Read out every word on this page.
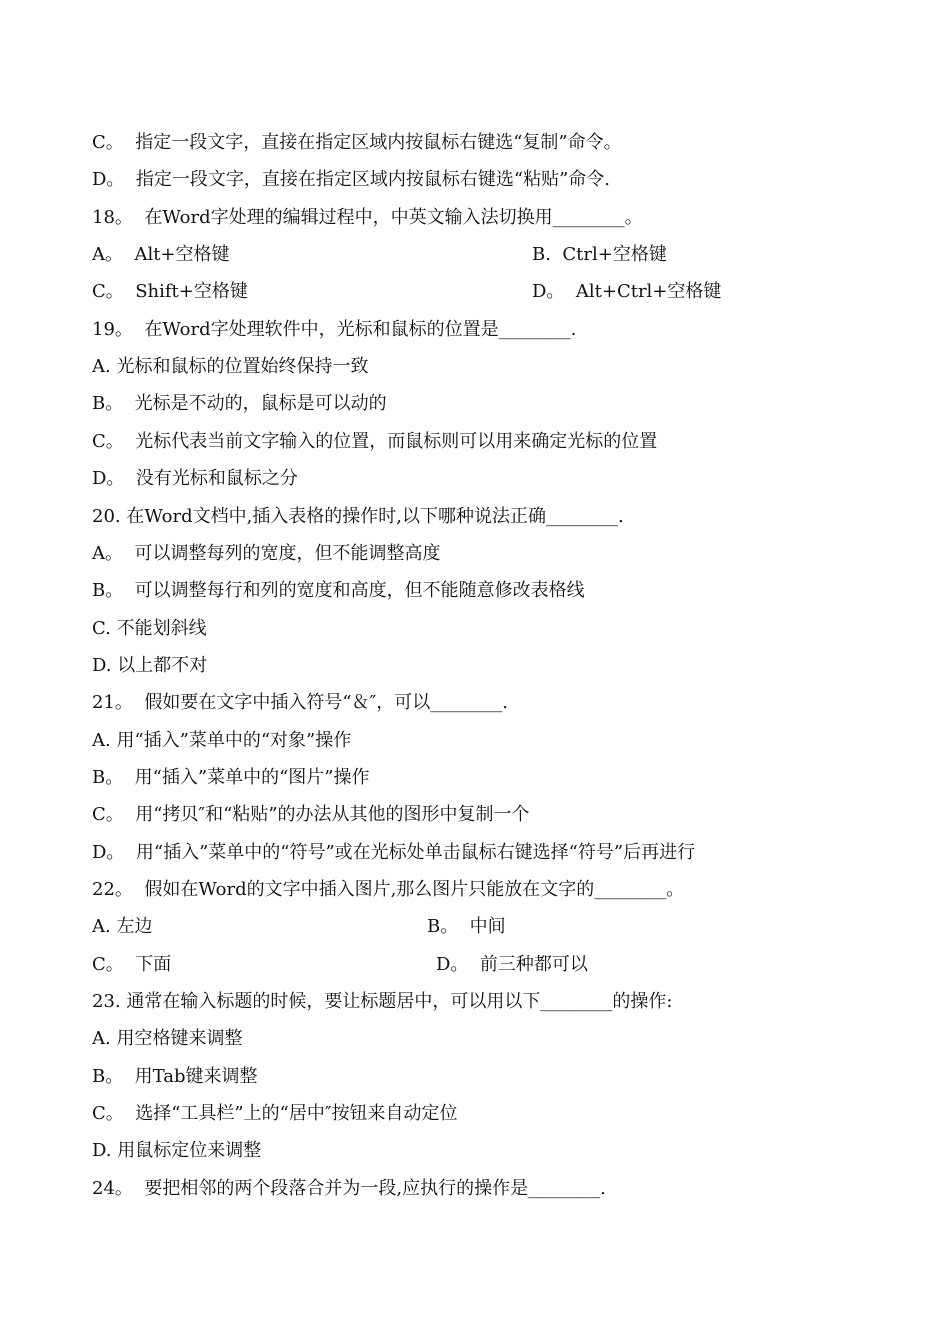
C。  指定一段文字，直接在指定区域内按鼠标右键选“复制”命令。
D。  指定一段文字，直接在指定区域内按鼠标右键选“粘贴”命令.
18。  在Word字处理的编辑过程中，中英文输入法切换用________。
A。  Alt+空格键	B.  Ctrl+空格键
C。  Shift+空格键	D。  Alt+Ctrl+空格键
19。  在Word字处理软件中，光标和鼠标的位置是________.
A. 光标和鼠标的位置始终保持一致
B。  光标是不动的，鼠标是可以动的
C。  光标代表当前文字输入的位置，而鼠标则可以用来确定光标的位置
D。  没有光标和鼠标之分
20. 在Word文档中,插入表格的操作时,以下哪种说法正确________.
A。  可以调整每列的宽度，但不能调整高度
B。  可以调整每行和列的宽度和高度，但不能随意修改表格线
C. 不能划斜线
D. 以上都不对
21。  假如要在文字中插入符号“＆″，可以________.
A. 用“插入”菜单中的“对象”操作
B。  用“插入”菜单中的“图片”操作
C。  用“拷贝″和“粘贴”的办法从其他的图形中复制一个
D。  用“插入”菜单中的“符号”或在光标处单击鼠标右键选择“符号”后再进行
22。  假如在Word的文字中插入图片,那么图片只能放在文字的________。
A. 左边	B。  中间
C。  下面	D。  前三种都可以
23. 通常在输入标题的时候，要让标题居中，可以用以下________的操作:
A. 用空格键来调整
B。  用Tab键来调整
C。  选择“工具栏”上的“居中″按钮来自动定位
D. 用鼠标定位来调整
24。  要把相邻的两个段落合并为一段,应执行的操作是________.
